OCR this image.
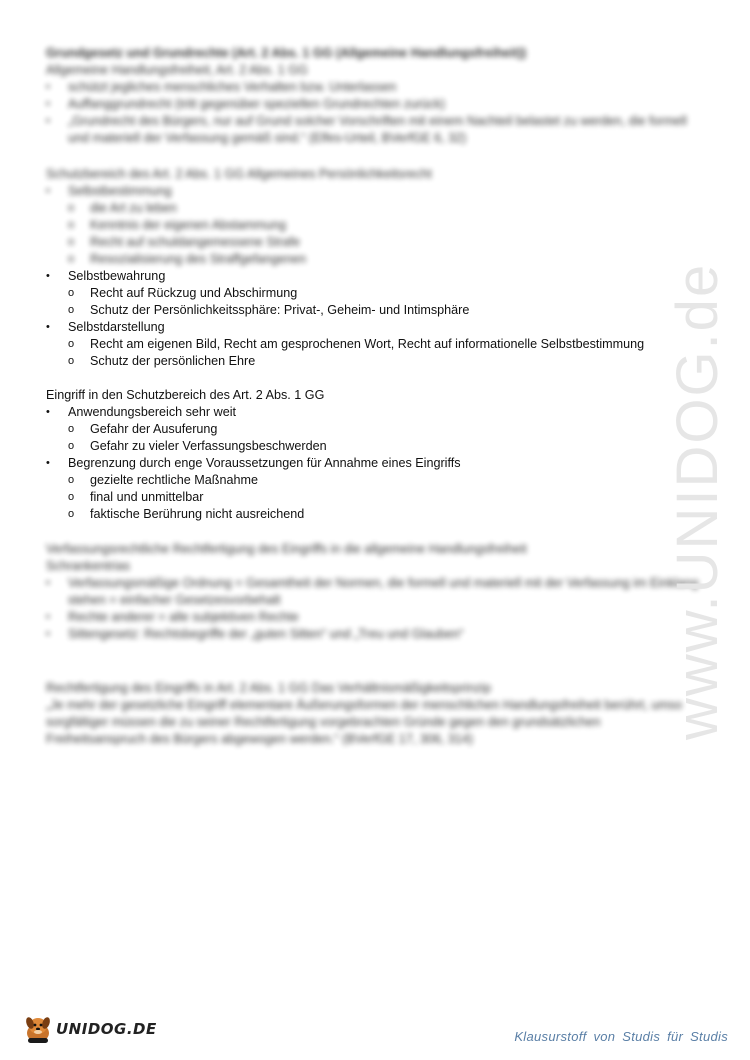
Grundgesetz und Grundrechte (Art. 2 Abs. 1 GG (Allgemeine Handlungsfreiheit))
Allgemeine Handlungsfreiheit, Art. 2 Abs. 1 GG
•	schützt jegliches menschliches Verhalten bzw. Unterlassen
•	Auffanggrundrecht (tritt gegenüber speziellen Grundrechten zurück)
•	„Grundrecht des Bürgers, nur auf Grund solcher Vorschriften mit einem Nachteil belastet zu werden, die formell
und materiell der Verfassung gemäß sind.“ (Elfes-Urteil, BVerfGE 6, 32)
Schutzbereich des Art. 2 Abs. 1 GG Allgemeines Persönlichkeitsrecht
•	Selbstbestimmung
o	die Art zu leben
o	Kenntnis der eigenen Abstammung
o	Recht auf schuldangemessene Strafe
o	Resozialisierung des Straffgefangenen
•	Selbstbewahrung
o	Recht auf Rückzug und Abschirmung
o	Schutz der Persönlichkeitssphäre: Privat-, Geheim- und Intimsphäre
•	Selbstdarstellung
o	Recht am eigenen Bild, Recht am gesprochenen Wort, Recht auf informationelle Selbstbestimmung
o	Schutz der persönlichen Ehre
Eingriff in den Schutzbereich des Art. 2 Abs. 1 GG
•	Anwendungsbereich sehr weit
o	Gefahr der Ausuferung
o	Gefahr zu vieler Verfassungsbeschwerden
•	Begrenzung durch enge Voraussetzungen für Annahme eines Eingriffs
o	gezielte rechtliche Maßnahme
o	final und unmittelbar
o	faktische Berührung nicht ausreichend
Verfassungsrechtliche Rechtfertigung des Eingriffs in die allgemeine Handlungsfreiheit
Schrankentrias
•	Verfassungsmäßige Ordnung = Gesamtheit der Normen, die formell und materiell mit der Verfassung im Einklang
stehen = einfacher Gesetzesvorbehalt
•	Rechte anderer = alle subjektiven Rechte
•	Sittengesetz: Rechtsbegriffe der „guten Sitten“ und „Treu und Glauben“
Rechtfertigung des Eingriffs in Art. 2 Abs. 1 GG Das Verhältnismäßigkeitsprinzip
„Je mehr der gesetzliche Eingriff elementare Äußerungsformen der menschlichen Handlungsfreiheit berührt, umso
sorgfältiger müssen die zu seiner Rechtfertigung vorgebrachten Gründe gegen den grundsätzlichen
Freiheitsanspruch des Bürgers abgewogen werden.“ (BVerfGE 17, 306, 314)	www.UNIDOG.de
UNIDOG.DE	Klausurstoff von Studis für Studis
